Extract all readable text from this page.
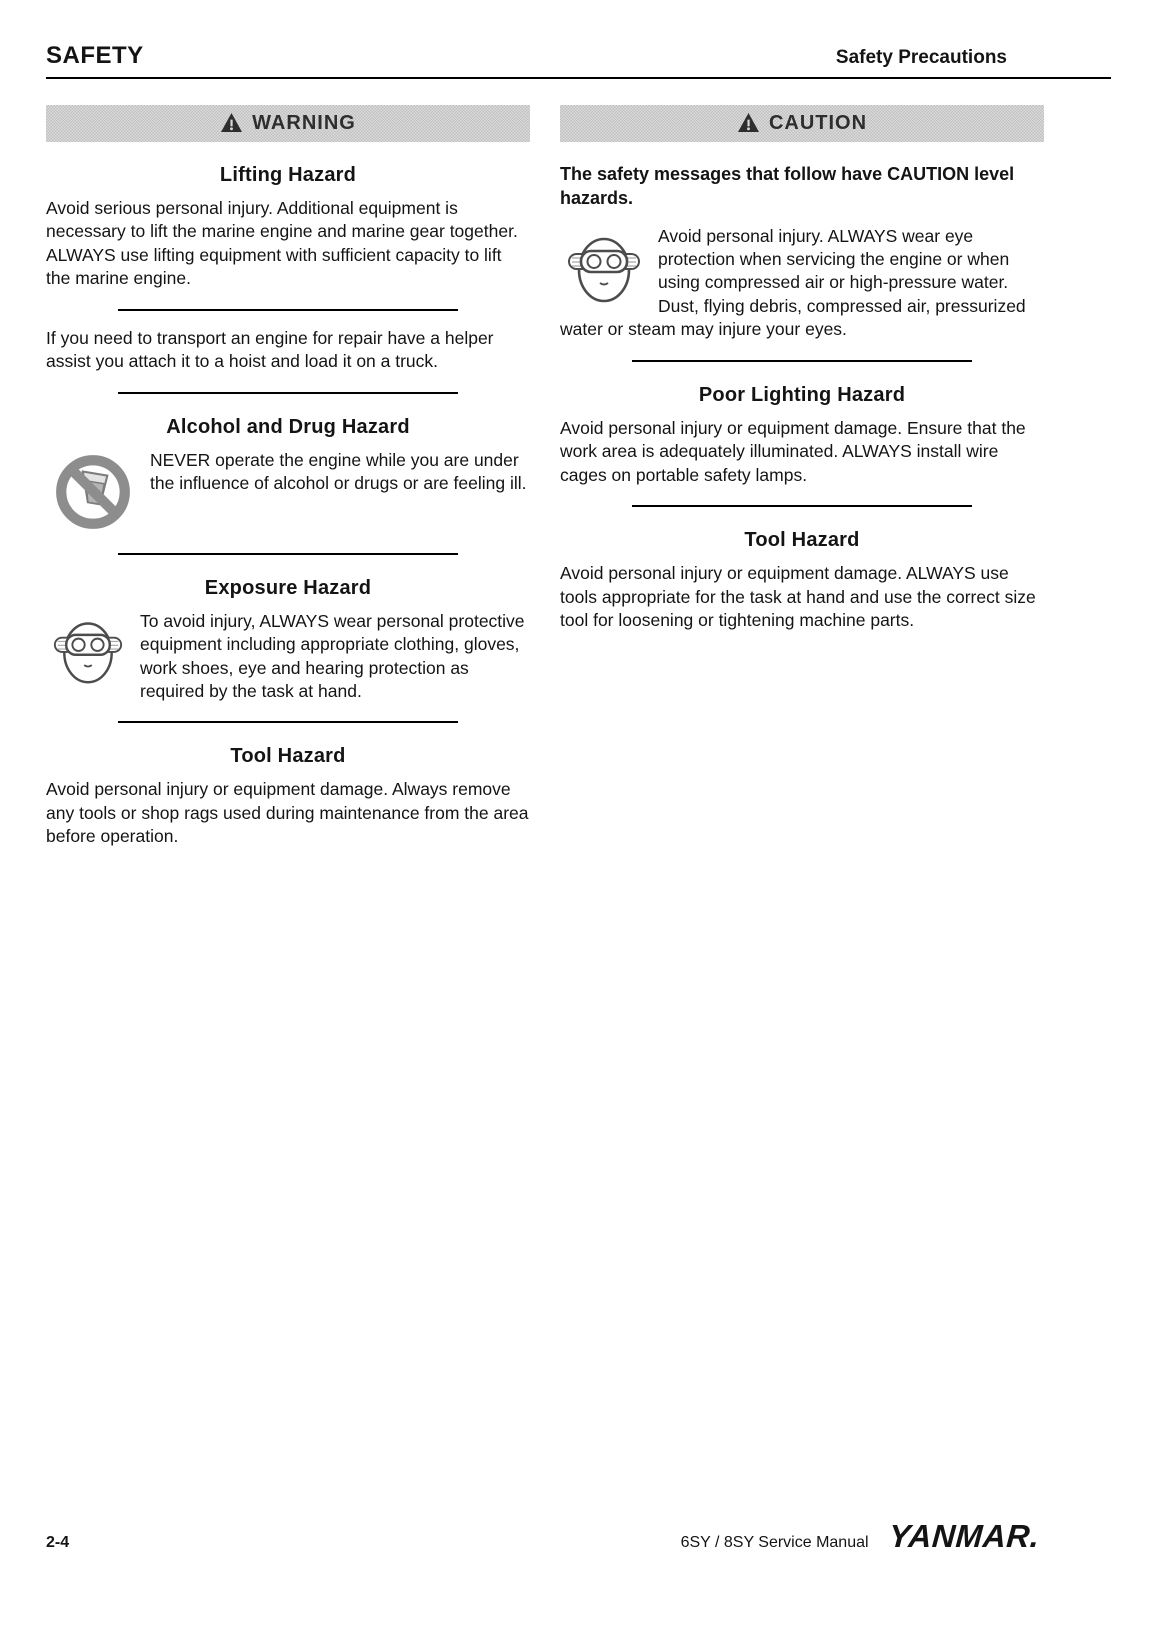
SAFETY	Safety Precautions
WARNING
Lifting Hazard

Avoid serious personal injury. Additional equipment is necessary to lift the marine engine and marine gear together. ALWAYS use lifting equipment with sufficient capacity to lift the marine engine.

If you need to transport an engine for repair have a helper assist you attach it to a hoist and load it on a truck.

Alcohol and Drug Hazard
NEVER operate the engine while you are under the influence of alcohol or drugs or are feeling ill.
Exposure Hazard
To avoid injury, ALWAYS wear personal protective equipment including appropriate clothing, gloves, work shoes, eye and hearing protection as required by the task at hand.
Tool Hazard

Avoid personal injury or equipment damage. Always remove any tools or shop rags used during maintenance from the area before operation.

CAUTION

The safety messages that follow have CAUTION level hazards.

Avoid personal injury. ALWAYS wear eye protection when servicing the engine or when using compressed air or high-pressure water. Dust, flying debris, compressed air, pressurized water or steam may injure your eyes.
Poor Lighting Hazard

Avoid personal injury or equipment damage. Ensure that the work area is adequately illuminated. ALWAYS install wire cages on portable safety lamps.

Tool Hazard

Avoid personal injury or equipment damage. ALWAYS use tools appropriate for the task at hand and use the correct size tool for loosening or tightening machine parts.

2-4	6SY / 8SY Service Manual YANMAR.
